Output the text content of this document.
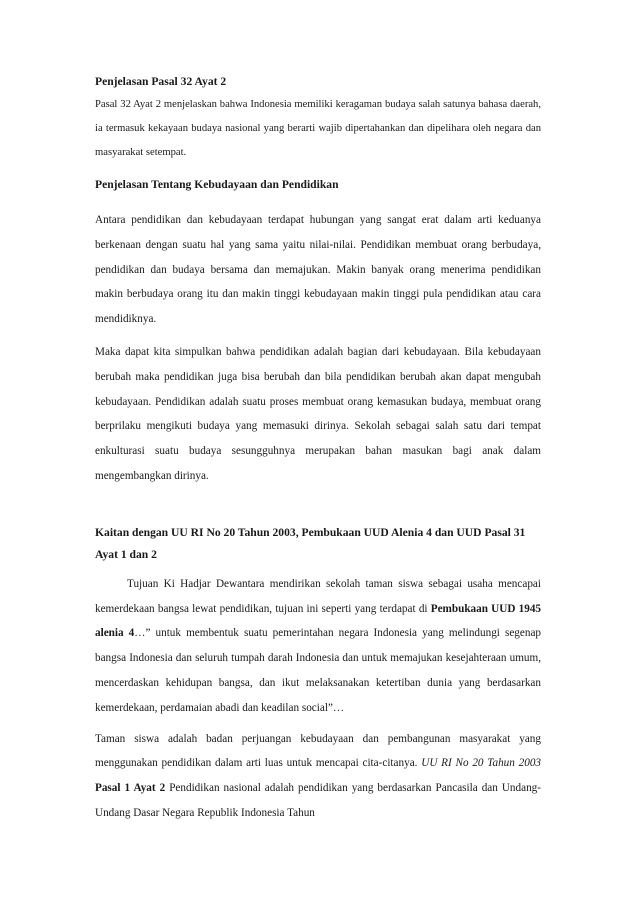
Penjelasan Pasal 32 Ayat 2

Pasal 32 Ayat 2 menjelaskan bahwa Indonesia memiliki keragaman budaya salah satunya bahasa daerah, ia termasuk kekayaan budaya nasional yang berarti wajib dipertahankan dan dipelihara oleh negara dan masyarakat setempat.

Penjelasan Tentang Kebudayaan dan Pendidikan

Antara pendidikan dan kebudayaan terdapat hubungan yang sangat erat dalam arti keduanya berkenaan dengan suatu hal yang sama yaitu nilai-nilai. Pendidikan membuat orang berbudaya, pendidikan dan budaya bersama dan memajukan. Makin banyak orang menerima pendidikan makin berbudaya orang itu dan makin tinggi kebudayaan makin tinggi pula pendidikan atau cara mendidiknya.

Maka dapat kita simpulkan bahwa pendidikan adalah bagian dari kebudayaan. Bila kebudayaan berubah maka pendidikan juga bisa berubah dan bila pendidikan berubah akan dapat mengubah kebudayaan. Pendidikan adalah suatu proses membuat orang kemasukan budaya, membuat orang berprilaku mengikuti budaya yang memasuki dirinya. Sekolah sebagai salah satu dari tempat enkulturasi suatu budaya sesungguhnya merupakan bahan masukan bagi anak dalam mengembangkan dirinya.

Kaitan dengan UU RI No 20 Tahun 2003, Pembukaan UUD Alenia 4 dan UUD Pasal 31 Ayat 1 dan 2

Tujuan Ki Hadjar Dewantara mendirikan sekolah taman siswa sebagai usaha mencapai kemerdekaan bangsa lewat pendidikan, tujuan ini seperti yang terdapat di Pembukaan UUD 1945 alenia 4…” untuk membentuk suatu pemerintahan negara Indonesia yang melindungi segenap bangsa Indonesia dan seluruh tumpah darah Indonesia dan untuk memajukan kesejahteraan umum, mencerdaskan kehidupan bangsa, dan ikut melaksanakan ketertiban dunia yang berdasarkan kemerdekaan, perdamaian abadi dan keadilan social”…

Taman siswa adalah badan perjuangan kebudayaan dan pembangunan masyarakat yang menggunakan pendidikan dalam arti luas untuk mencapai cita-citanya. UU RI No 20 Tahun 2003 Pasal 1 Ayat 2 Pendidikan nasional adalah pendidikan yang berdasarkan Pancasila dan Undang-Undang Dasar Negara Republik Indonesia Tahun
